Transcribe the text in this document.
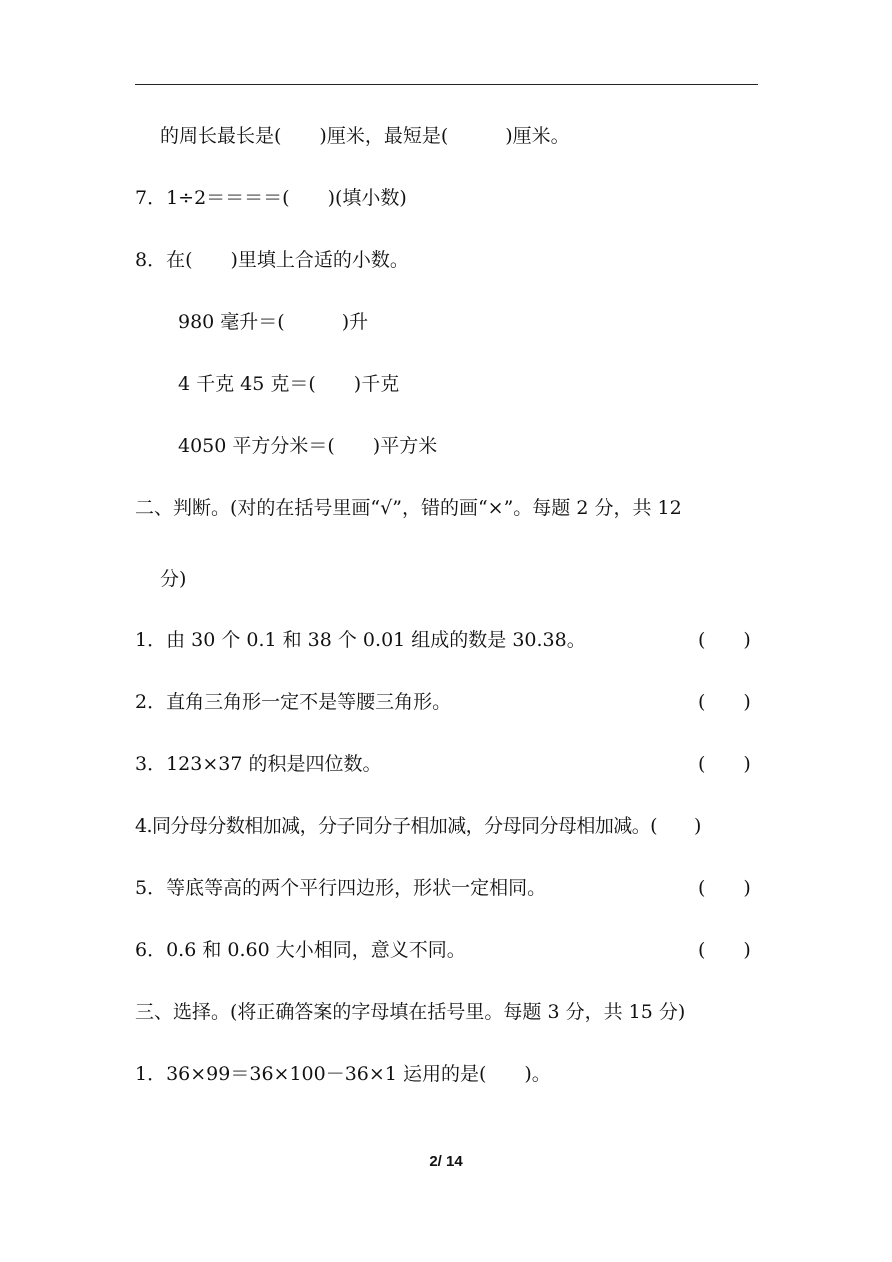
的周长最长是(　　)厘米，最短是(　　　)厘米。
7．1÷2＝＝＝＝(　　)(填小数)
8．在(　　)里填上合适的小数。
980 毫升＝(　　　)升
4 千克 45 克＝(　　)千克
4050 平方分米＝(　　)平方米
二、判断。(对的在括号里画“√”，错的画“×”。每题 2 分，共 12
分)
1．由 30 个 0.1 和 38 个 0.01 组成的数是 30.38。	(　　)
2．直角三角形一定不是等腰三角形。	(　　)
3．123×37 的积是四位数。	(　　)
4.同分母分数相加减，分子同分子相加减，分母同分母相加减。(　　)
5．等底等高的两个平行四边形，形状一定相同。	(　　)
6．0.6 和 0.60 大小相同，意义不同。	(　　)
三、选择。(将正确答案的字母填在括号里。每题 3 分，共 15 分)
1．36×99＝36×100－36×1 运用的是(　　)。
2/ 14
